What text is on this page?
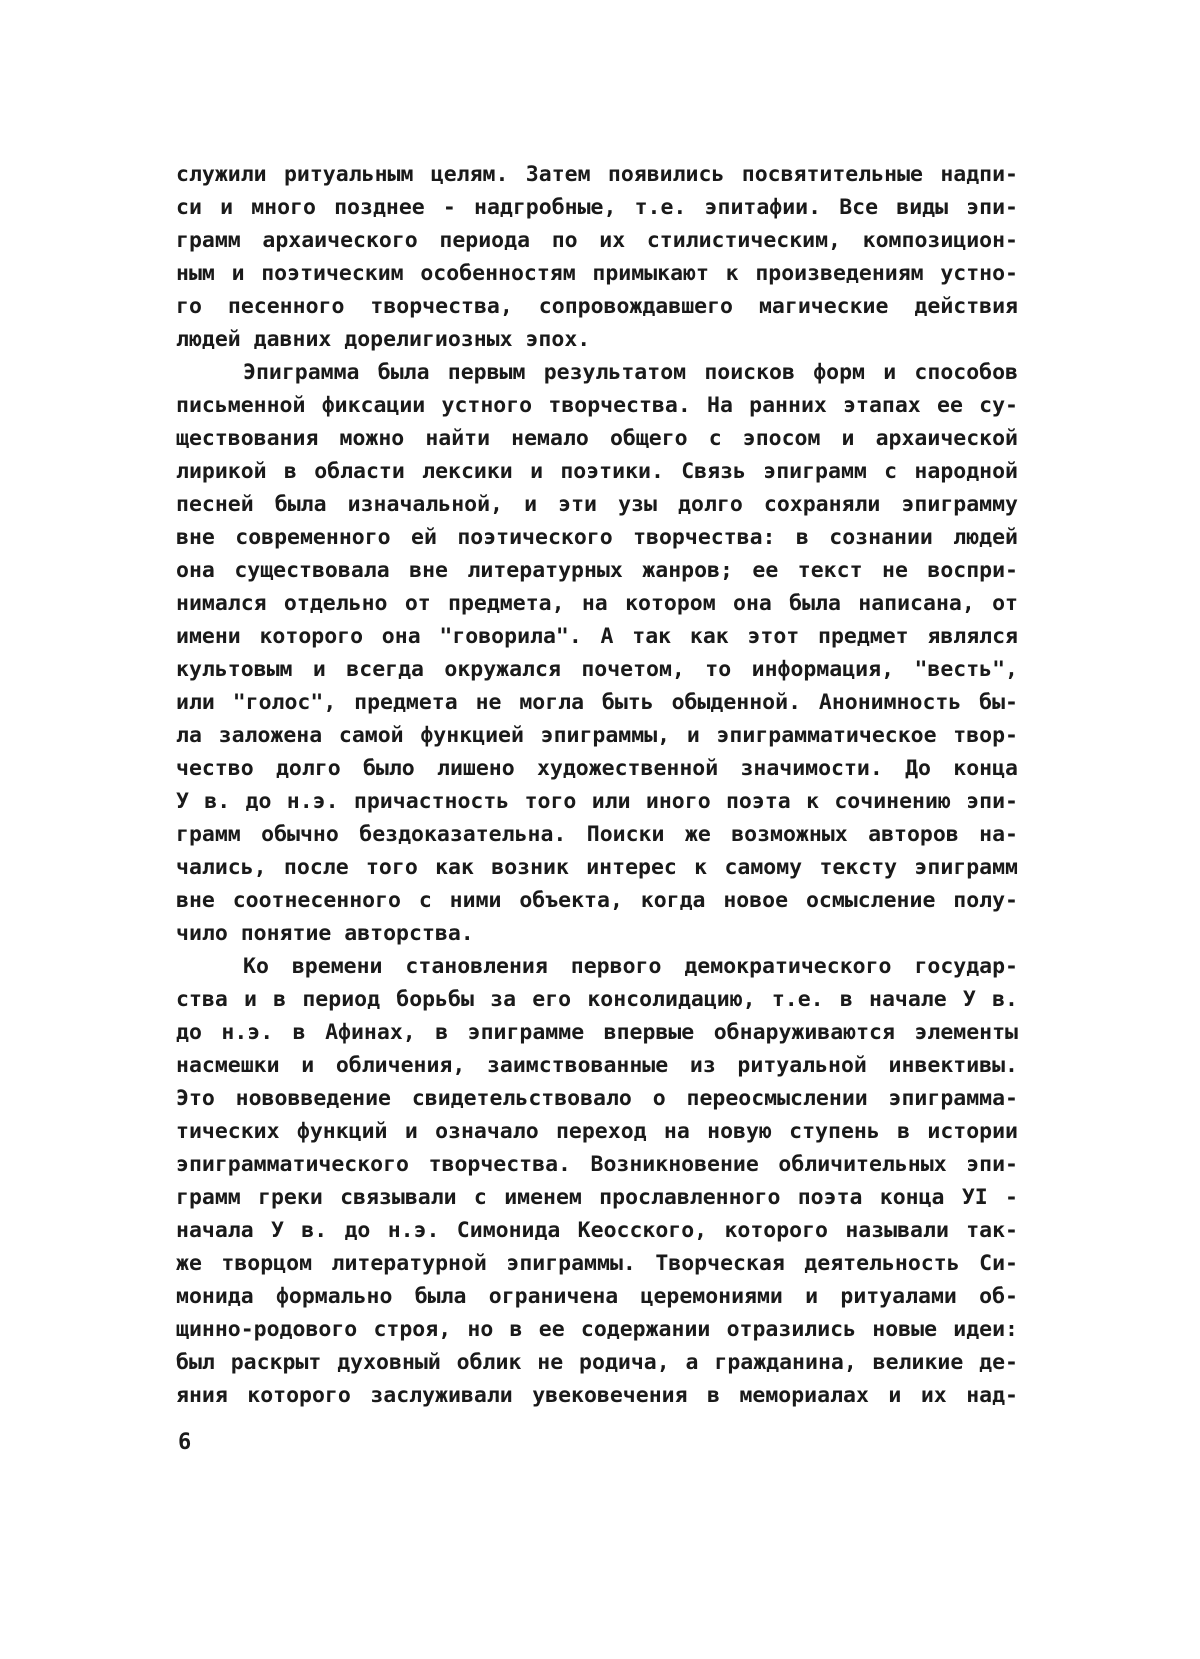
служили ритуальным целям. Затем появились посвятительные надпи-
си и много позднее - надгробные, т.е. эпитафии. Все виды эпи-
грамм архаического периода по их стилистическим, композицион-
ным и поэтическим особенностям примыкают к произведениям устно-
го песенного творчества, сопровождавшего магические действия
людей давних дорелигиозных эпох.
Эпиграмма была первым результатом поисков форм и способов
письменной фиксации устного творчества. На ранних этапах ее су-
ществования можно найти немало общего с эпосом и архаической
лирикой в области лексики и поэтики. Связь эпиграмм с народной
песней была изначальной, и эти узы долго сохраняли эпиграмму
вне современного ей поэтического творчества: в сознании людей
она существовала вне литературных жанров; ее текст не воспри-
нимался отдельно от предмета, на котором она была написана, от
имени которого она "говорила". А так как этот предмет являлся
культовым и всегда окружался почетом, то информация, "весть",
или "голос", предмета не могла быть обыденной. Анонимность бы-
ла заложена самой функцией эпиграммы, и эпиграмматическое твор-
чество долго было лишено художественной значимости. До конца
У в. до н.э. причастность того или иного поэта к сочинению эпи-
грамм обычно бездоказательна. Поиски же возможных авторов на-
чались, после того как возник интерес к самому тексту эпиграмм
вне соотнесенного с ними объекта, когда новое осмысление полу-
чило понятие авторства.
Ко времени становления первого демократического государ-
ства и в период борьбы за его консолидацию, т.е. в начале У в.
до н.э. в Афинах, в эпиграмме впервые обнаруживаются элементы
насмешки и обличения, заимствованные из ритуальной инвективы.
Это нововведение свидетельствовало о переосмыслении эпиграмма-
тических функций и означало переход на новую ступень в истории
эпиграмматического творчества. Возникновение обличительных эпи-
грамм греки связывали с именем прославленного поэта конца УI -
начала У в. до н.э. Симонида Кеосского, которого называли так-
же творцом литературной эпиграммы. Творческая деятельность Си-
монида формально была ограничена церемониями и ритуалами об-
щинно-родового строя, но в ее содержании отразились новые идеи:
был раскрыт духовный облик не родича, а гражданина, великие де-
яния которого заслуживали увековечения в мемориалах и их над-
6
